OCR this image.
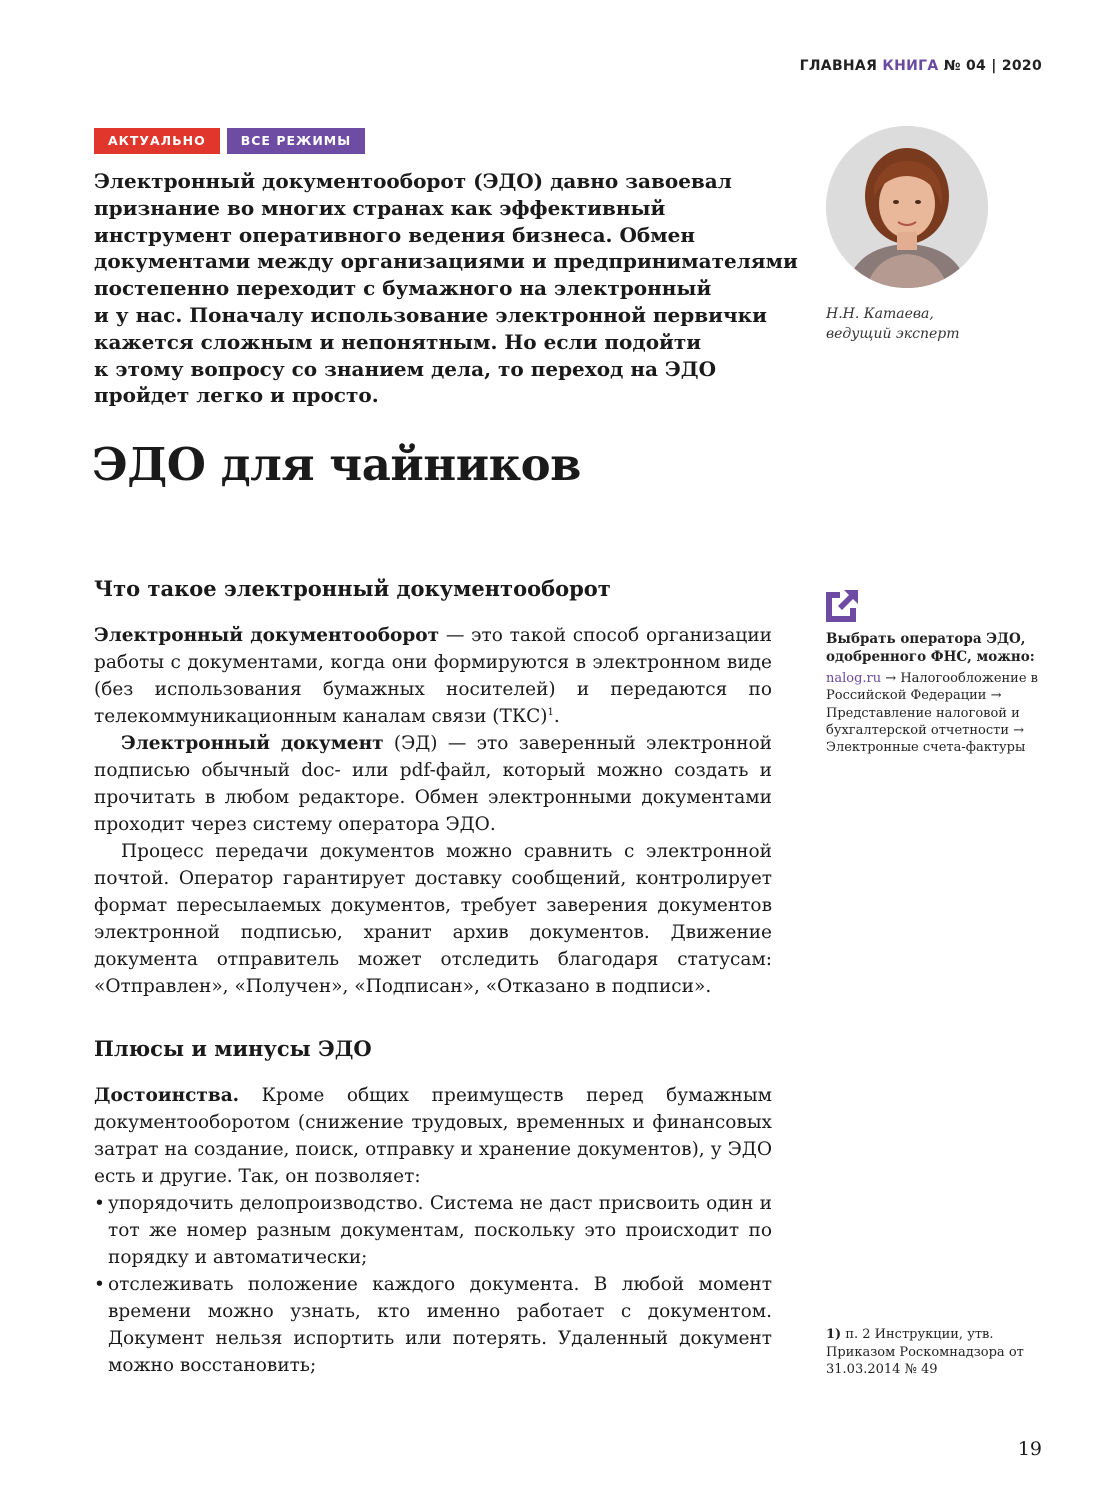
ГЛАВНАЯ КНИГА № 04 | 2020
АКТУАЛЬНО	ВСЕ РЕЖИМЫ
Электронный документооборот (ЭДО) давно завоевал
признание во многих странах как эффективный
инструмент оперативного ведения бизнеса. Обмен
документами между организациями и предпринимателями
постепенно переходит с бумажного на электронный
и у нас. Поначалу использование электронной первички
кажется сложным и непонятным. Но если подойти
к этому вопросу со знанием дела, то переход на ЭДО
пройдет легко и просто.
Н.Н. Катаева,
ведущий эксперт
ЭДО для чайников
Что такое электронный документооборот

Электронный документооборот — это такой способ организации работы с документами, когда они формируются в электронном виде (без использования бумажных носителей) и передаются по телекоммуникационным каналам связи (ТКС)$^1$.

Электронный документ (ЭД) — это заверенный электронной подписью обычный doc- или pdf-файл, который можно создать и прочитать в любом редакторе. Обмен электронными документами проходит через систему оператора ЭДО.

Процесс передачи документов можно сравнить с электронной почтой. Оператор гарантирует доставку сообщений, контролирует формат пересылаемых документов, требует заверения документов электронной подписью, хранит архив документов. Движение документа отправитель может отследить благодаря статусам: «Отправлен», «Получен», «Подписан», «Отказано в подписи».

Плюсы и минусы ЭДО

Достоинства. Кроме общих преимуществ перед бумажным документооборотом (снижение трудовых, временных и финансовых затрат на создание, поиск, отправку и хранение документов), у ЭДО есть и другие. Так, он позволяет:

• упорядочить делопроизводство. Система не даст присвоить один и тот же номер разным документам, поскольку это происходит по порядку и автоматически;
• отслеживать положение каждого документа. В любой момент времени можно узнать, кто именно работает с документом. Документ нельзя испортить или потерять. Удаленный документ можно восстановить;
Выбрать оператора ЭДО, одобренного ФНС, можно:
nalog.ru → Налогообложение в Российской Федерации → Представление налоговой и бухгалтерской отчетности → Электронные счета-фактуры
1) п. 2 Инструкции, утв. Приказом Роскомнадзора от 31.03.2014 № 49
19
